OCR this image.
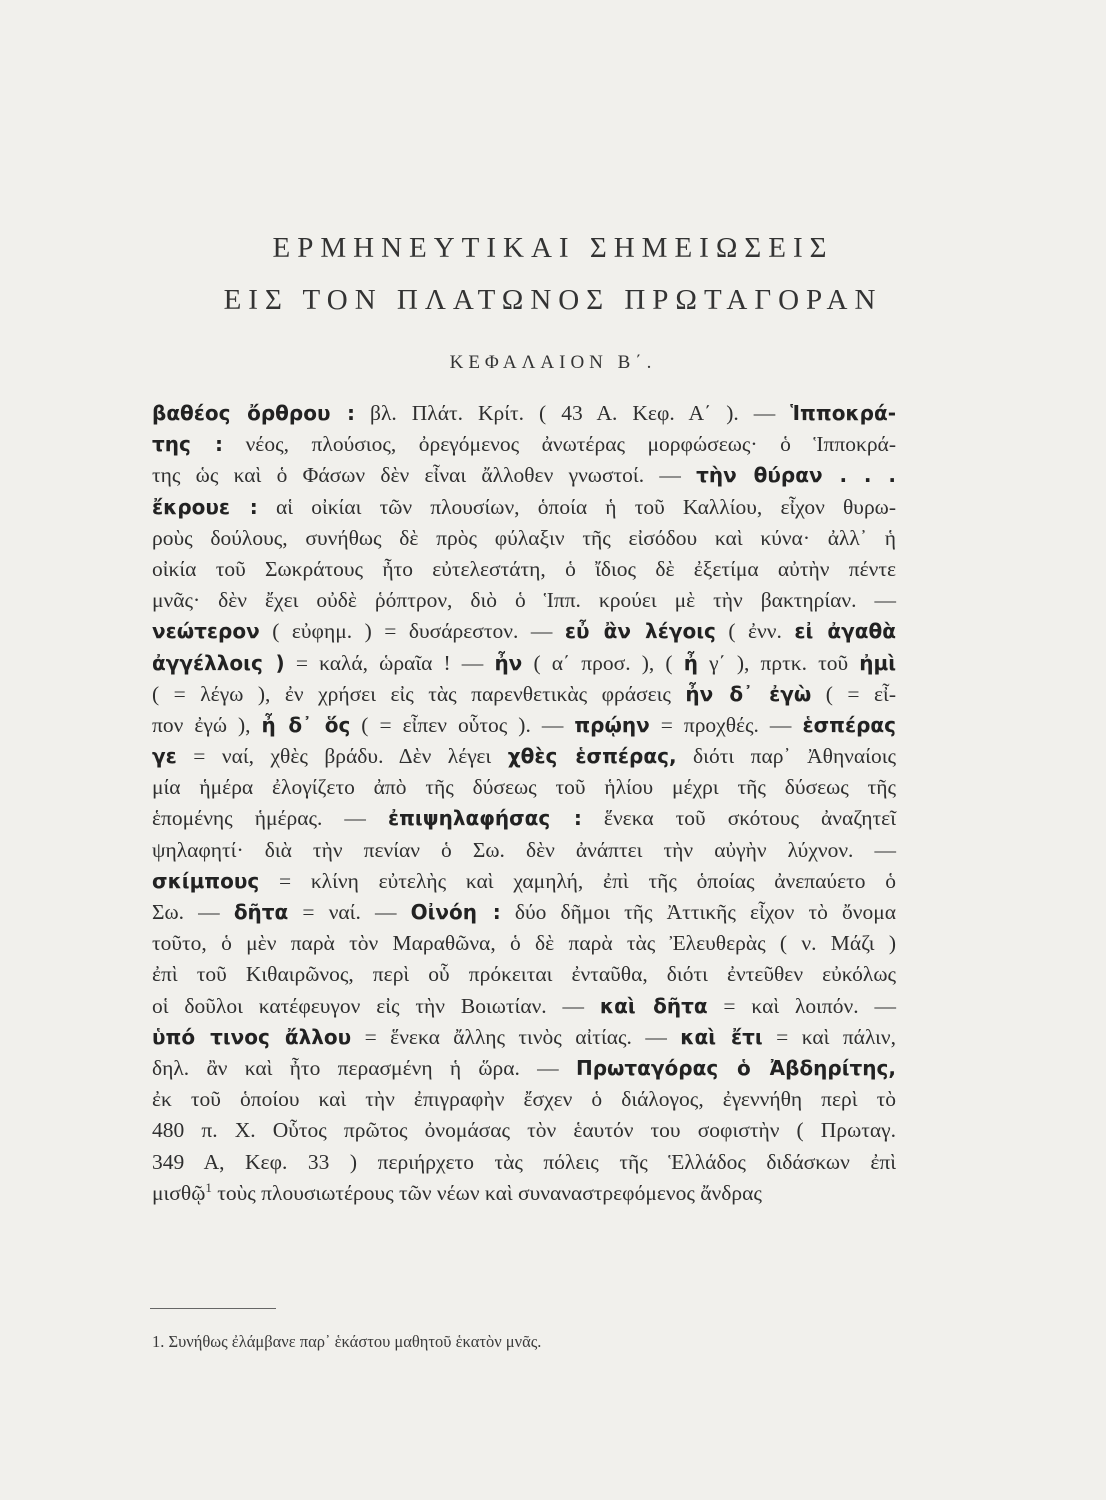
ΕΡΜΗΝΕΥΤΙΚΑΙ ΣΗΜΕΙΩΣΕΙΣ
ΕΙΣ ΤΟΝ ΠΛΑΤΩΝΟΣ ΠΡΩΤΑΓΟΡΑΝ
ΚΕΦΑΛΑΙΟΝ Β΄.
βαθέος ὄρθρου : βλ. Πλάτ. Κρίτ. ( 43 Α. Κεφ. Α΄ ). — Ἱπποκρά-
της : νέος, πλούσιος, ὀρεγόμενος ἀνωτέρας μορφώσεως· ὁ Ἱπποκρά-
της ὡς καὶ ὁ Φάσων δὲν εἶναι ἄλλοθεν γνωστοί. — τὴν θύραν . . .
ἔκρουε : αἱ οἰκίαι τῶν πλουσίων, ὁποία ἡ τοῦ Καλλίου, εἶχον θυρω-
ροὺς δούλους, συνήθως δὲ πρὸς φύλαξιν τῆς εἰσόδου καὶ κύνα· ἀλλ᾽ ἡ
οἰκία τοῦ Σωκράτους ἦτο εὐτελεστάτη, ὁ ἴδιος δὲ ἐξετίμα αὐτὴν πέντε
μνᾶς· δὲν ἔχει οὐδὲ ῥόπτρον, διὸ ὁ Ἱππ. κρούει μὲ τὴν βακτηρίαν. —
νεώτερον ( εὐφημ. ) = δυσάρεστον. — εὖ ἂν λέγοις ( ἐνν. εἰ ἀγαθὰ
ἀγγέλλοις ) = καλά, ὡραῖα ! — ἦν ( α΄ προσ. ), ( ἦ γ΄ ), πρτκ. τοῦ ἠμὶ
( = λέγω ), ἐν χρήσει εἰς τὰς παρενθετικὰς φράσεις ἦν δ᾽ ἐγὼ ( = εἶ-
πον ἐγώ ), ἦ δ᾽ ὅς ( = εἶπεν οὗτος ). — πρῴην = προχθές. — ἑσπέρας
γε = ναί, χθὲς βράδυ. Δὲν λέγει χθὲς ἑσπέρας, διότι παρ᾽ Ἀθηναίοις
μία ἡμέρα ἐλογίζετο ἀπὸ τῆς δύσεως τοῦ ἡλίου μέχρι τῆς δύσεως τῆς
ἑπομένης ἡμέρας. — ἐπιψηλαφήσας : ἕνεκα τοῦ σκότους ἀναζητεῖ
ψηλαφητί· διὰ τὴν πενίαν ὁ Σω. δὲν ἀνάπτει τὴν αὐγὴν λύχνον. —
σκίμπους = κλίνη εὐτελὴς καὶ χαμηλή, ἐπὶ τῆς ὁποίας ἀνεπαύετο ὁ
Σω. — δῆτα = ναί. — Οἰνόη : δύο δῆμοι τῆς Ἀττικῆς εἶχον τὸ ὄνομα
τοῦτο, ὁ μὲν παρὰ τὸν Μαραθῶνα, ὁ δὲ παρὰ τὰς Ἐλευθερὰς ( ν. Μάζι )
ἐπὶ τοῦ Κιθαιρῶνος, περὶ οὗ πρόκειται ἐνταῦθα, διότι ἐντεῦθεν εὐκόλως
οἱ δοῦλοι κατέφευγον εἰς τὴν Βοιωτίαν. — καὶ δῆτα = καὶ λοιπόν. —
ὑπό τινος ἄλλου = ἕνεκα ἄλλης τινὸς αἰτίας. — καὶ ἔτι = καὶ πάλιν,
δηλ. ἂν καὶ ἦτο περασμένη ἡ ὥρα. — Πρωταγόρας ὁ Ἀβδηρίτης,
ἐκ τοῦ ὁποίου καὶ τὴν ἐπιγραφὴν ἔσχεν ὁ διάλογος, ἐγεννήθη περὶ τὸ
480 π. Χ. Οὗτος πρῶτος ὀνομάσας τὸν ἑαυτόν του σοφιστὴν ( Πρωταγ.
349 Α, Κεφ. 33 ) περιήρχετο τὰς πόλεις τῆς Ἑλλάδος διδάσκων ἐπὶ
μισθῷ$^1$ τοὺς πλουσιωτέρους τῶν νέων καὶ συναναστρεφόμενος ἄνδρας
1. Συνήθως ἐλάμβανε παρ᾽ ἑκάστου μαθητοῦ ἑκατὸν μνᾶς.
